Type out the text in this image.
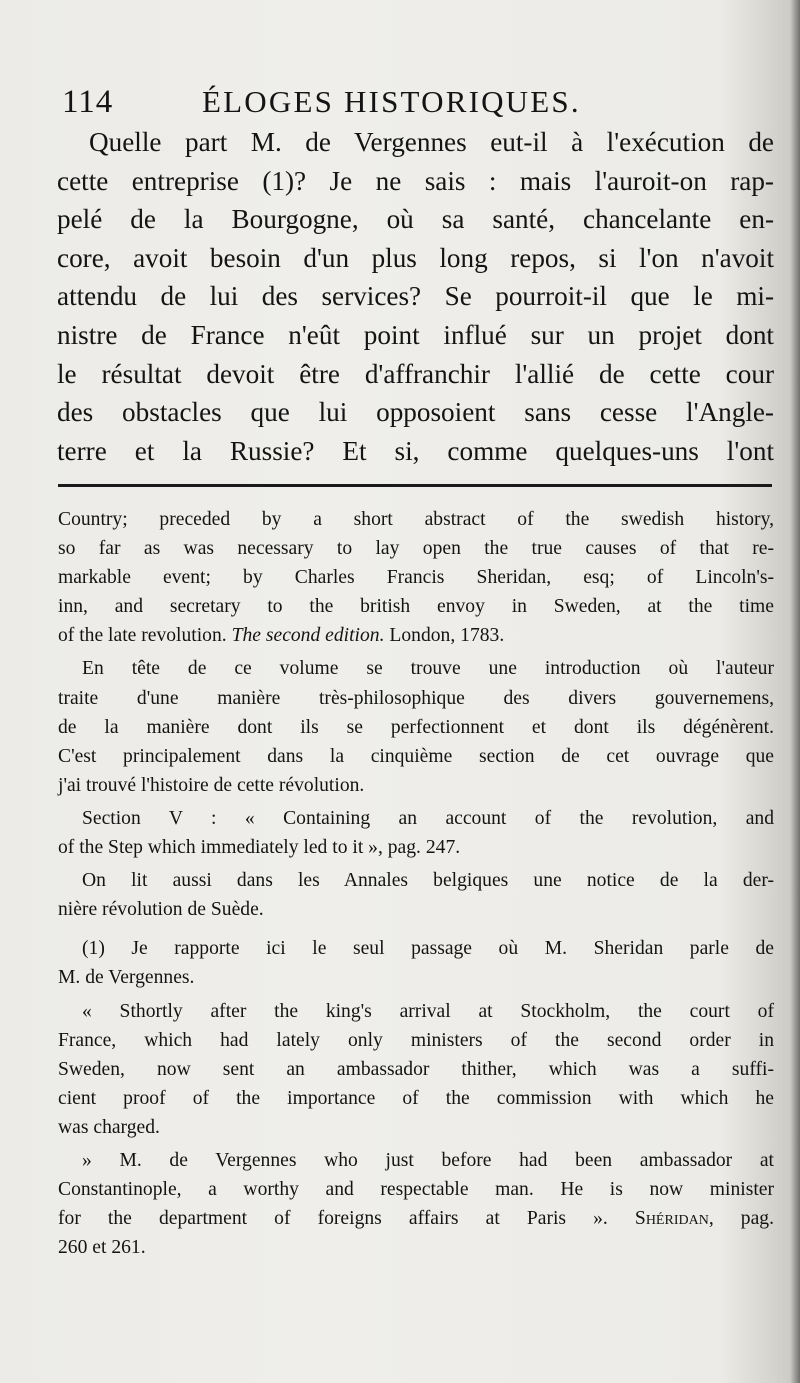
114	ÉLOGES HISTORIQUES.
Quelle part M. de Vergennes eut-il à l'exécution de
cette entreprise (1)? Je ne sais : mais l'auroit-on rap-
pelé de la Bourgogne, où sa santé, chancelante en-
core, avoit besoin d'un plus long repos, si l'on n'avoit
attendu de lui des services? Se pourroit-il que le mi-
nistre de France n'eût point influé sur un projet dont
le résultat devoit être d'affranchir l'allié de cette cour
des obstacles que lui opposoient sans cesse l'Angle-
terre et la Russie? Et si, comme quelques-uns l'ont
Country; preceded by a short abstract of the swedish history,
so far as was necessary to lay open the true causes of that re-
markable event; by Charles Francis Sheridan, esq; of Lincoln's-
inn, and secretary to the british envoy in Sweden, at the time
of the late revolution. The second edition. London, 1783.
En tête de ce volume se trouve une introduction où l'auteur
traite d'une manière très-philosophique des divers gouvernemens,
de la manière dont ils se perfectionnent et dont ils dégénèrent.
C'est principalement dans la cinquième section de cet ouvrage que
j'ai trouvé l'histoire de cette révolution.
Section V : « Containing an account of the revolution, and
of the Step which immediately led to it », pag. 247.
On lit aussi dans les Annales belgiques une notice de la der-
nière révolution de Suède.
(1) Je rapporte ici le seul passage où M. Sheridan parle de
M. de Vergennes.
« Sthortly after the king's arrival at Stockholm, the court of
France, which had lately only ministers of the second order in
Sweden, now sent an ambassador thither, which was a suffi-
cient proof of the importance of the commission with which he
was charged.
» M. de Vergennes who just before had been ambassador at
Constantinople, a worthy and respectable man. He is now minister
for the department of foreigns affairs at Paris ». Shéridan, pag.
260 et 261.
